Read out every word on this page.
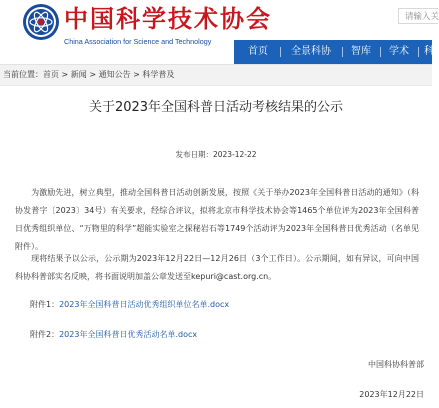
中国科学技术协会
China Association for Science and Technology
请输入关
首页	全景科协	智库	学术	科
当前位置：首页 > 新闻 > 通知公告 > 科学普及
关于2023年全国科普日活动考核结果的公示
发布日期：2023-12-22
为激励先进，树立典型，推动全国科普日活动创新发展，按照《关于举办2023年全国科普日活动的通知》（科协发普字〔2023〕34号）有关要求，经综合评议，拟将北京市科学技术协会等1465个单位评为2023年全国科普日优秀组织单位、“万物里的科学”超能实验室之探秘岩石等1749个活动评为2023年全国科普日优秀活动（名单见附件）。
现将结果予以公示，公示期为2023年12月22日—12月26日（3个工作日）。公示期间，如有异议，可向中国科协科普部实名反映，将书面说明加盖公章发送至kepuri@cast.org.cn。
附件1：2023年全国科普日活动优秀组织单位名单.docx
附件2：2023年全国科普日优秀活动名单.docx
中国科协科普部
2023年12月22日
